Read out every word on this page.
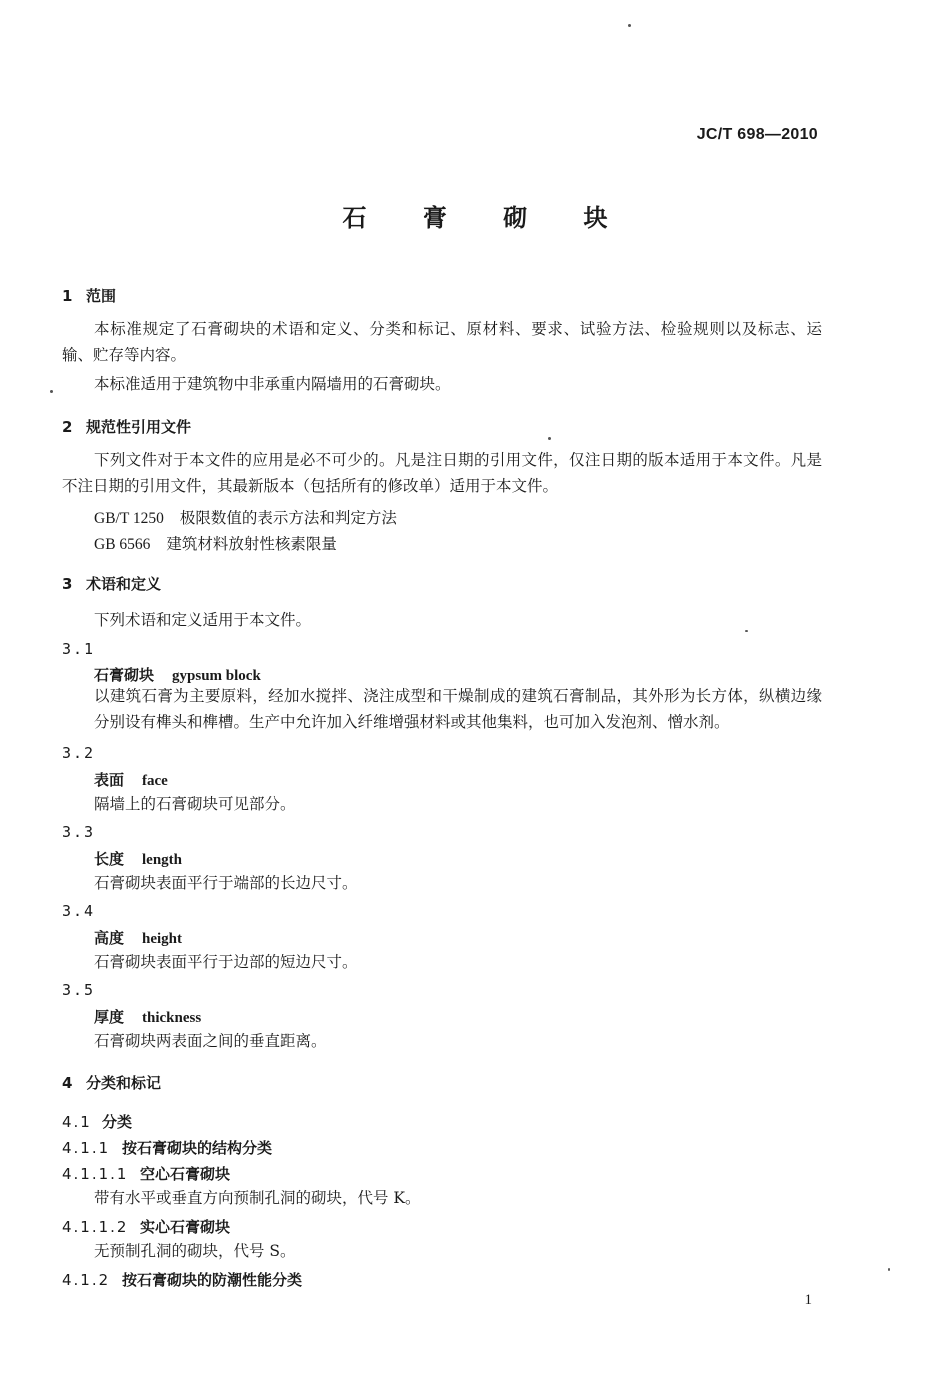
JC/T 698—2010
石 膏 砌 块
1 范围
本标准规定了石膏砌块的术语和定义、分类和标记、原材料、要求、试验方法、检验规则以及标志、运输、贮存等内容。
本标准适用于建筑物中非承重内隔墙用的石膏砌块。
2 规范性引用文件
下列文件对于本文件的应用是必不可少的。凡是注日期的引用文件，仅注日期的版本适用于本文件。凡是不注日期的引用文件，其最新版本（包括所有的修改单）适用于本文件。
GB/T 1250 极限数值的表示方法和判定方法
GB 6566 建筑材料放射性核素限量
3 术语和定义
下列术语和定义适用于本文件。
3.1
石膏砌块 gypsum block
以建筑石膏为主要原料，经加水搅拌、浇注成型和干燥制成的建筑石膏制品，其外形为长方体，纵横边缘分别设有榫头和榫槽。生产中允许加入纤维增强材料或其他集料，也可加入发泡剂、憎水剂。
3.2
表面 face
隔墙上的石膏砌块可见部分。
3.3
长度 length
石膏砌块表面平行于端部的长边尺寸。
3.4
高度 height
石膏砌块表面平行于边部的短边尺寸。
3.5
厚度 thickness
石膏砌块两表面之间的垂直距离。
4 分类和标记
4.1 分类
4.1.1 按石膏砌块的结构分类
4.1.1.1 空心石膏砌块
带有水平或垂直方向预制孔洞的砌块，代号 K。
4.1.1.2 实心石膏砌块
无预制孔洞的砌块，代号 S。
4.1.2 按石膏砌块的防潮性能分类
1
